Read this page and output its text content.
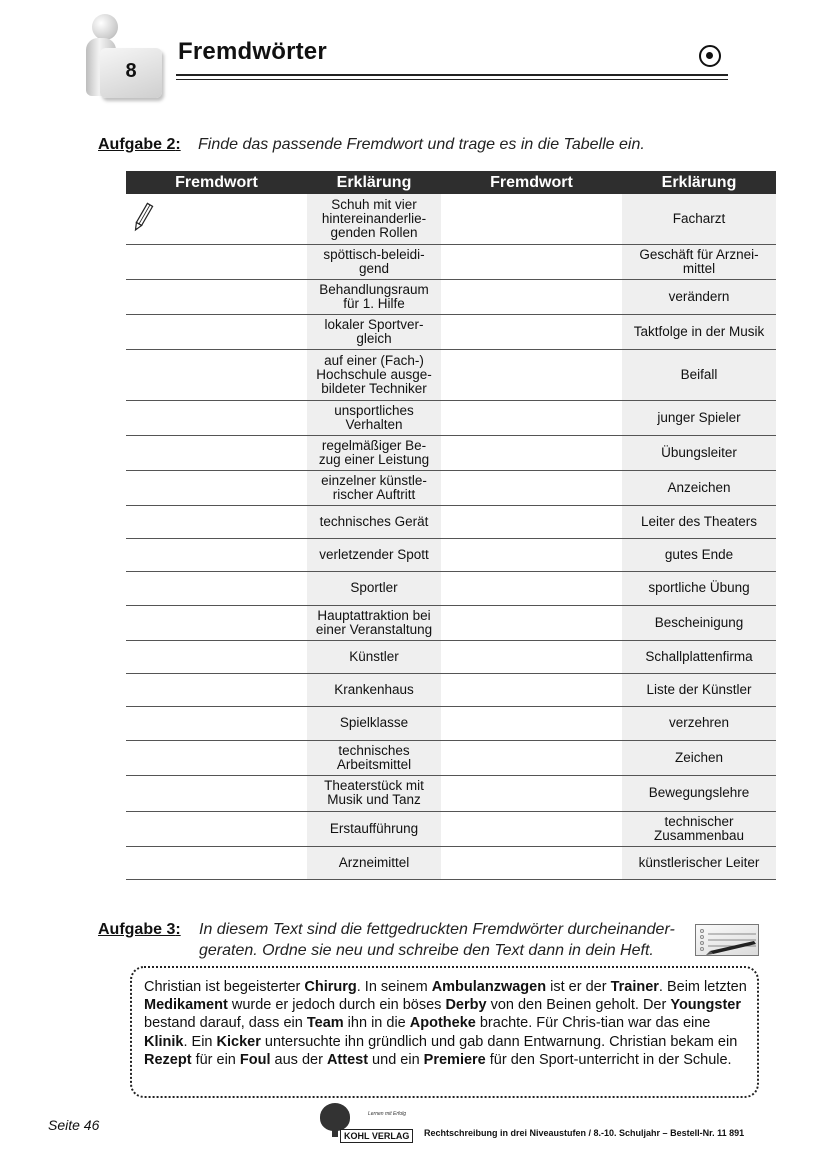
8
Fremdwörter
Aufgabe 2: Finde das passende Fremdwort und trage es in die Tabelle ein.
Fremdwort	Erklärung	Fremdwort	Erklärung
	Schuh mit vier hintereinanderlie-genden Rollen		Facharzt
	spöttisch-beleidi-gend		Geschäft für Arznei-mittel
	Behandlungsraum für 1. Hilfe		verändern
	lokaler Sportver-gleich		Taktfolge in der Musik
	auf einer (Fach-) Hochschule ausge-bildeter Techniker		Beifall
	unsportliches Verhalten		junger Spieler
	regelmäßiger Be-zug einer Leistung		Übungsleiter
	einzelner künstle-rischer Auftritt		Anzeichen
	technisches Gerät		Leiter des Theaters
	verletzender Spott		gutes Ende
	Sportler		sportliche Übung
	Hauptattraktion bei einer Veranstaltung		Bescheinigung
	Künstler		Schallplattenfirma
	Krankenhaus		Liste der Künstler
	Spielklasse		verzehren
	technisches Arbeitsmittel		Zeichen
	Theaterstück mit Musik und Tanz		Bewegungslehre
	Erstaufführung		technischer Zusammenbau
	Arzneimittel		künstlerischer Leiter
Aufgabe 3:	In diesem Text sind die fettgedruckten Fremdwörter durcheinander-
geraten. Ordne sie neu und schreibe den Text dann in dein Heft.
Christian ist begeisterter Chirurg. In seinem Ambulanzwagen ist er der Trainer. Beim letzten Medikament wurde er jedoch durch ein böses Derby von den Beinen geholt. Der Youngster bestand darauf, dass ein Team ihn in die Apotheke brachte. Für Chris-tian war das eine Klinik. Ein Kicker untersuchte ihn gründlich und gab dann Entwarnung. Christian bekam ein Rezept für ein Foul aus der Attest und ein Premiere für den Sport-unterricht in der Schule.
Seite 46
Lernen mit Erfolg
KOHL VERLAG	Rechtschreibung in drei Niveaustufen / 8.-10. Schuljahr – Bestell-Nr. 11 891
